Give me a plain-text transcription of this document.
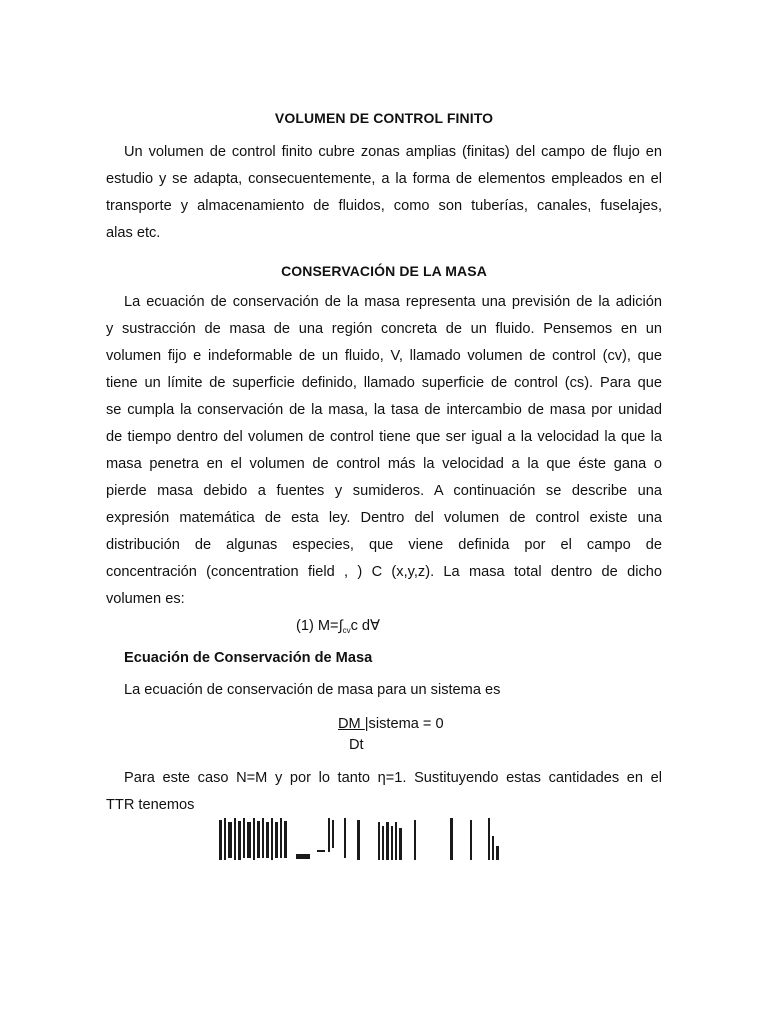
VOLUMEN DE CONTROL FINITO
Un volumen de control finito cubre zonas amplias (finitas) del campo de flujo en
estudio y se adapta, consecuentemente, a la forma de elementos empleados en el
transporte y almacenamiento de fluidos, como son tuberías, canales, fuselajes,
alas etc.
CONSERVACIÓN DE LA MASA
La ecuación de conservación de la masa representa una previsión de la adición
y sustracción de masa de una región concreta de un fluido. Pensemos en un
volumen fijo e indeformable de un fluido, V, llamado volumen de control (cv), que
tiene un límite de superficie definido, llamado superficie de control (cs). Para que
se cumpla la conservación de la masa, la tasa de intercambio de masa por unidad
de tiempo dentro del volumen de control tiene que ser igual a la velocidad la que la
masa penetra en el volumen de control más la velocidad a la que éste gana o
pierde masa debido a fuentes y sumideros. A continuación se describe una
expresión matemática de esta ley. Dentro del volumen de control existe una
distribución de algunas especies, que viene definida por el campo de
concentración (concentration field , ) C (x,y,z). La masa total dentro de dicho
volumen es:
(1) $M=\int_{cv}c$ d∀
Ecuación de Conservación de Masa
La ecuación de conservación de masa para un sistema es
DM |sistema = 0
Dt
Para este caso N=M y por lo tanto η=1. Sustituyendo estas cantidades en el
TTR tenemos
